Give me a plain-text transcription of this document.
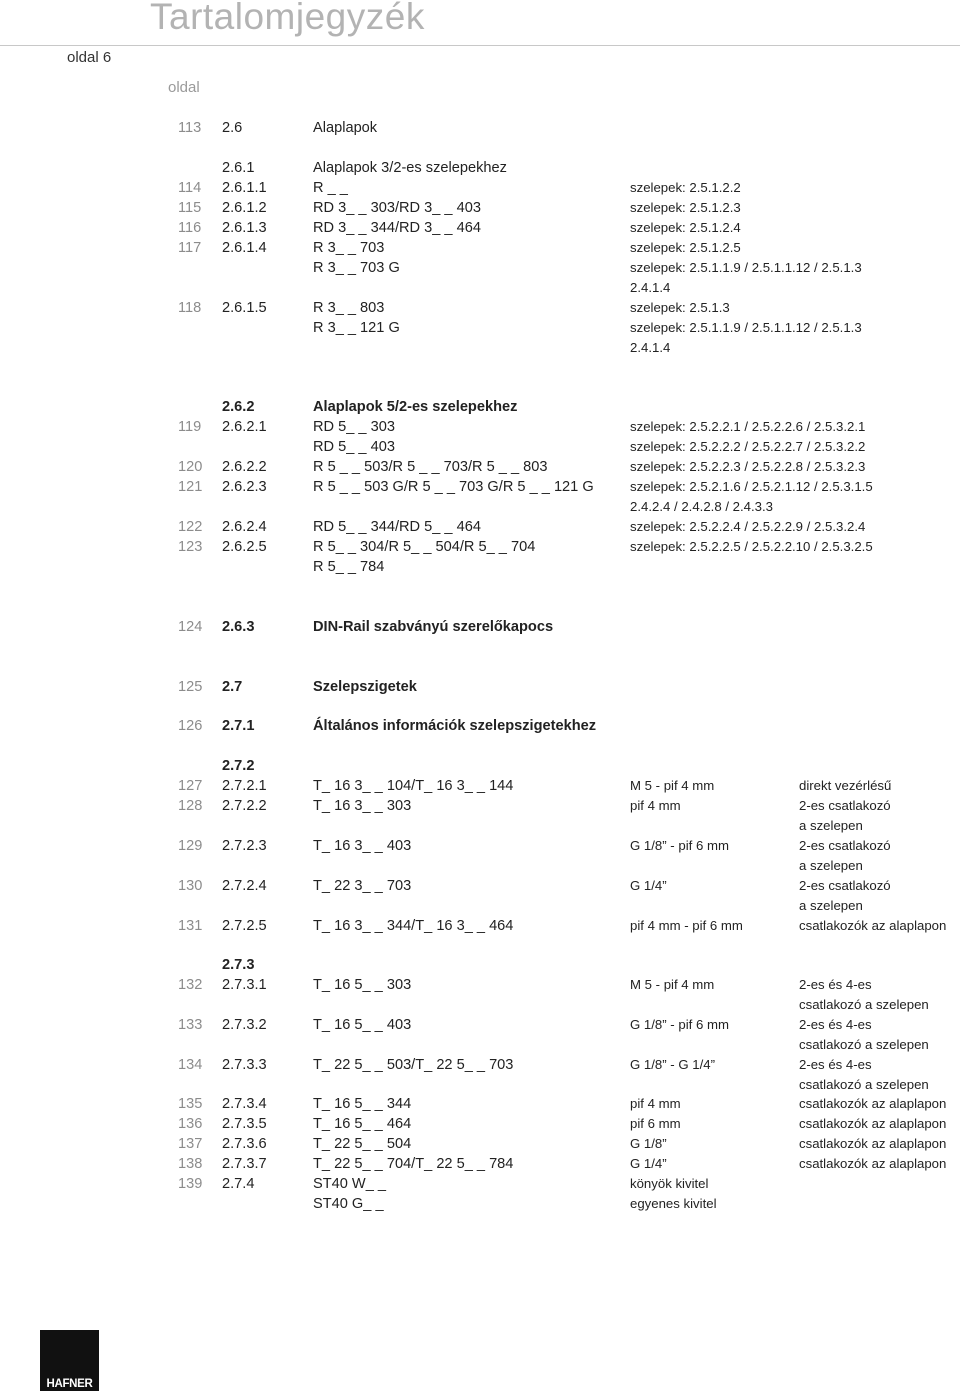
Tartalomjegyzék
oldal 6
oldal
113 2.6	Alaplapok
2.6.1	Alaplapok 3/2-es szelepekhez
114 2.6.1.1	R _ _	szelepek: 2.5.1.2.2
115 2.6.1.2	RD 3_ _ 303/RD 3_ _ 403	szelepek: 2.5.1.2.3
116 2.6.1.3	RD 3_ _ 344/RD 3_ _ 464	szelepek: 2.5.1.2.4
117 2.6.1.4	R 3_ _ 703	szelepek: 2.5.1.2.5
R 3_ _ 703 G	szelepek: 2.5.1.1.9 / 2.5.1.1.12 / 2.5.1.3
2.4.1.4
118 2.6.1.5	R 3_ _ 803	szelepek: 2.5.1.3
R 3_ _ 121 G	szelepek: 2.5.1.1.9 / 2.5.1.1.12 / 2.5.1.3
2.4.1.4
2.6.2	Alaplapok 5/2-es szelepekhez
119 2.6.2.1	RD 5_ _ 303	szelepek: 2.5.2.2.1 / 2.5.2.2.6 / 2.5.3.2.1
RD 5_ _ 403	szelepek: 2.5.2.2.2 / 2.5.2.2.7 / 2.5.3.2.2
120 2.6.2.2	R 5 _ _ 503/R 5 _ _ 703/R 5 _ _ 803	szelepek: 2.5.2.2.3 / 2.5.2.2.8 / 2.5.3.2.3
121 2.6.2.3	R 5 _ _ 503 G/R 5 _ _ 703 G/R 5 _ _ 121 G	szelepek: 2.5.2.1.6 / 2.5.2.1.12 / 2.5.3.1.5
2.4.2.4 / 2.4.2.8 / 2.4.3.3
122 2.6.2.4	RD 5_ _ 344/RD 5_ _ 464	szelepek: 2.5.2.2.4 / 2.5.2.2.9 / 2.5.3.2.4
123 2.6.2.5	R 5_ _ 304/R 5_ _ 504/R 5_ _ 704	szelepek: 2.5.2.2.5 / 2.5.2.2.10 / 2.5.3.2.5
R 5_ _ 784
124 2.6.3	DIN-Rail szabványú szerelőkapocs
125 2.7	Szelepszigetek
126 2.7.1	Általános információk szelepszigetekhez
2.7.2
127 2.7.2.1	T_ 16 3_ _ 104/T_ 16 3_ _ 144	M 5 - pif 4 mm	direkt vezérlésű
128 2.7.2.2	T_ 16 3_ _ 303	pif 4 mm	2-es csatlakozó
a szelepen
129 2.7.2.3	T_ 16 3_ _ 403	G 1/8” - pif 6 mm	2-es csatlakozó
a szelepen
130 2.7.2.4	T_ 22 3_ _ 703	G 1/4”	2-es csatlakozó
a szelepen
131 2.7.2.5	T_ 16 3_ _ 344/T_ 16 3_ _ 464	pif 4 mm - pif 6 mm	csatlakozók az alaplapon
2.7.3
132 2.7.3.1	T_ 16 5_ _ 303	M 5 - pif 4 mm	2-es és 4-es
csatlakozó a szelepen
133 2.7.3.2	T_ 16 5_ _ 403	G 1/8” - pif 6 mm	2-es és 4-es
csatlakozó a szelepen
134 2.7.3.3	T_ 22 5_ _ 503/T_ 22 5_ _ 703	G 1/8” - G 1/4”	2-es és 4-es
csatlakozó a szelepen
135 2.7.3.4	T_ 16 5_ _ 344	pif 4 mm	csatlakozók az alaplapon
136 2.7.3.5	T_ 16 5_ _ 464	pif 6 mm	csatlakozók az alaplapon
137 2.7.3.6	T_ 22 5_ _ 504	G 1/8”	csatlakozók az alaplapon
138 2.7.3.7	T_ 22 5_ _ 704/T_ 22 5_ _ 784	G 1/4”	csatlakozók az alaplapon
139 2.7.4	ST40 W_ _	könyök kivitel
ST40 G_ _	egyenes kivitel
HAFNER
